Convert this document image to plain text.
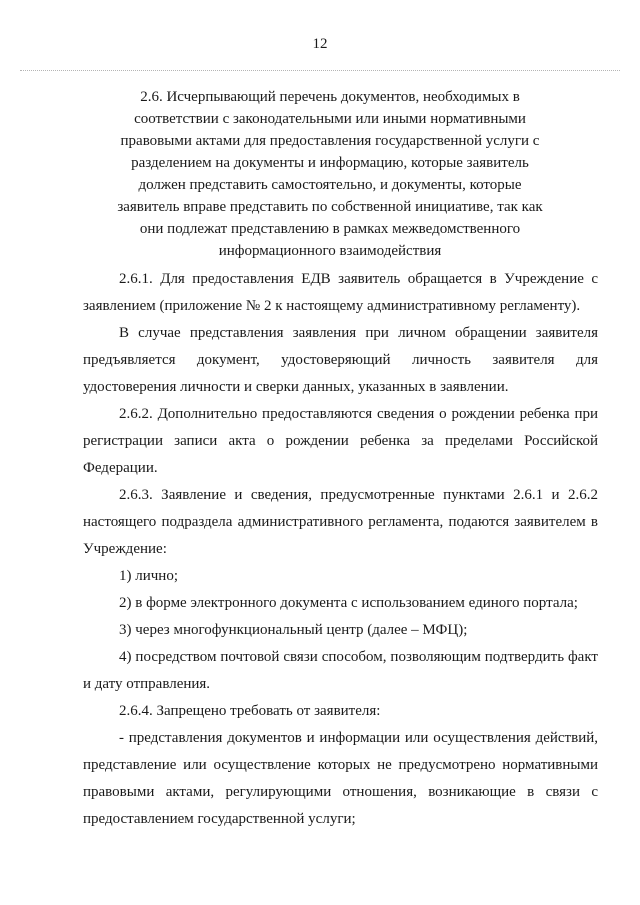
12
2.6. Исчерпывающий перечень документов, необходимых в соответствии с законодательными или иными нормативными правовыми актами для предоставления государственной услуги с разделением на документы и информацию, которые заявитель должен представить самостоятельно, и документы, которые заявитель вправе представить по собственной инициативе, так как они подлежат представлению в рамках межведомственного информационного взаимодействия

2.6.1. Для предоставления ЕДВ заявитель обращается в Учреждение с заявлением (приложение № 2 к настоящему административному регламенту).

В случае представления заявления при личном обращении заявителя предъявляется документ, удостоверяющий личность заявителя для удостоверения личности и сверки данных, указанных в заявлении.

2.6.2. Дополнительно предоставляются сведения о рождении ребенка при регистрации записи акта о рождении ребенка за пределами Российской Федерации.

2.6.3. Заявление и сведения, предусмотренные пунктами 2.6.1 и 2.6.2 настоящего подраздела административного регламента, подаются заявителем в Учреждение:

1) лично;

2) в форме электронного документа с использованием единого портала;

3) через многофункциональный центр (далее – МФЦ);

4) посредством почтовой связи способом, позволяющим подтвердить факт и дату отправления.

2.6.4. Запрещено требовать от заявителя:

- представления документов и информации или осуществления действий, представление или осуществление которых не предусмотрено нормативными правовыми актами, регулирующими отношения, возникающие в связи с предоставлением государственной услуги;
